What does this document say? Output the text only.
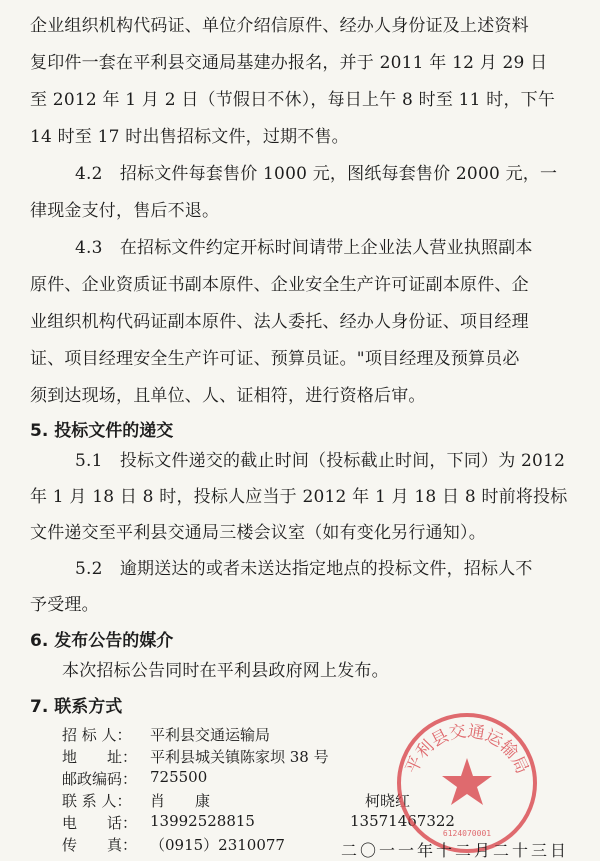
企业组织机构代码证、单位介绍信原件、经办人身份证及上述资料
复印件一套在平利县交通局基建办报名，并于 2011 年 12 月 29 日
至 2012 年 1 月 2 日（节假日不休），每日上午 8 时至 11 时，下午
14 时至 17 时出售招标文件，过期不售。
4.2　招标文件每套售价 1000 元，图纸每套售价 2000 元，一
律现金支付，售后不退。
4.3　在招标文件约定开标时间请带上企业法人营业执照副本
原件、企业资质证书副本原件、企业安全生产许可证副本原件、企
业组织机构代码证副本原件、法人委托、经办人身份证、项目经理
证、项目经理安全生产许可证、预算员证。"项目经理及预算员必
须到达现场，且单位、人、证相符，进行资格后审。
5. 投标文件的递交
5.1　投标文件递交的截止时间（投标截止时间，下同）为 2012
年 1 月 18 日 8 时，投标人应当于 2012 年 1 月 18 日 8 时前将投标
文件递交至平利县交通局三楼会议室（如有变化另行通知）。
5.2　逾期送达的或者未送达指定地点的投标文件，招标人不
予受理。
6. 发布公告的媒介
本次招标公告同时在平利县政府网上发布。
7. 联系方式
招 标 人： 平利县交通运输局
地　　址： 平利县城关镇陈家坝 38 号
邮政编码： 725500
联 系 人： 肖　　康	柯晓红
电　　话： 13992528815	13571467322
传　　真： （0915）2310077
平利县交通运输局
6124070001
二〇一一年十二月二十三日
